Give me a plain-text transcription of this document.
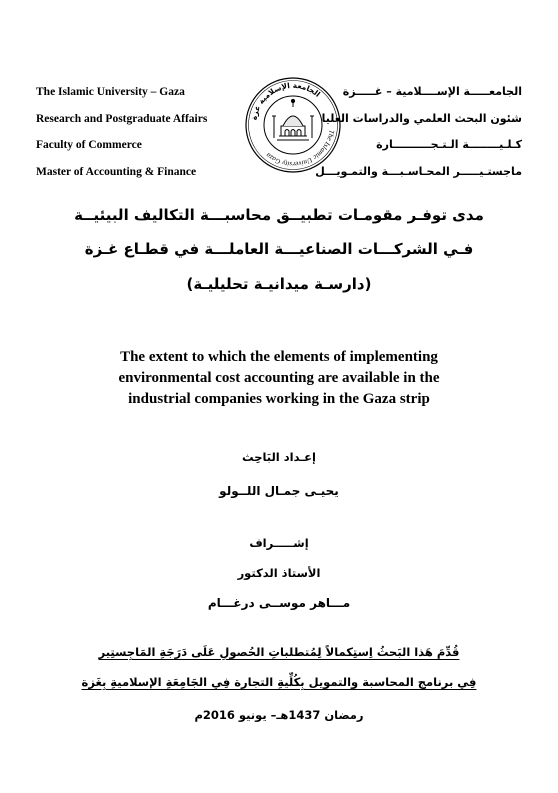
The Islamic University – Gaza
Research and Postgraduate Affairs
Faculty of Commerce
Master of Accounting & Finance
الجامعة الإسلامية غزة
The Islamic University Gaza
الجامعـــــة الإســــلامية – غـــــزة
شئون البحث العلمي والدراسات العليا
كـلـيــــــــة الـتـجــــــــــارة
ماجستـيـــــر المحـاسـبـــة والتمـويـــل
مدى توفـر مقومـات تطبيــق محاسبـــة التكاليف البيئيــة
فـي الشركـــات الصناعيـــة العاملـــة في قطـاع غـزة
(دارسـة ميدانيـة تحليليـة)
The extent to which the elements of implementing
environmental cost accounting are available in the
industrial companies working in the Gaza strip
إعـداد البَاحِث
يحيـى جمـال اللــولو
إشـــــراف
الأستاذ الدكتور
مـــاهر موســى درغـــام
قُدِّمَ هَذا البَحثُ اِستِكمالاً لِمُتطلباتِ الحُصولِ عَلَى دَرَجَةِ المَاجِستِير
فِي برنامج المحاسبة والتمويل بِكُلِّيةِ التجارة فِي الجَامِعَةِ الإسلاميةِ بِغَزة
رمضان 1437هـ– يونيو 2016م
